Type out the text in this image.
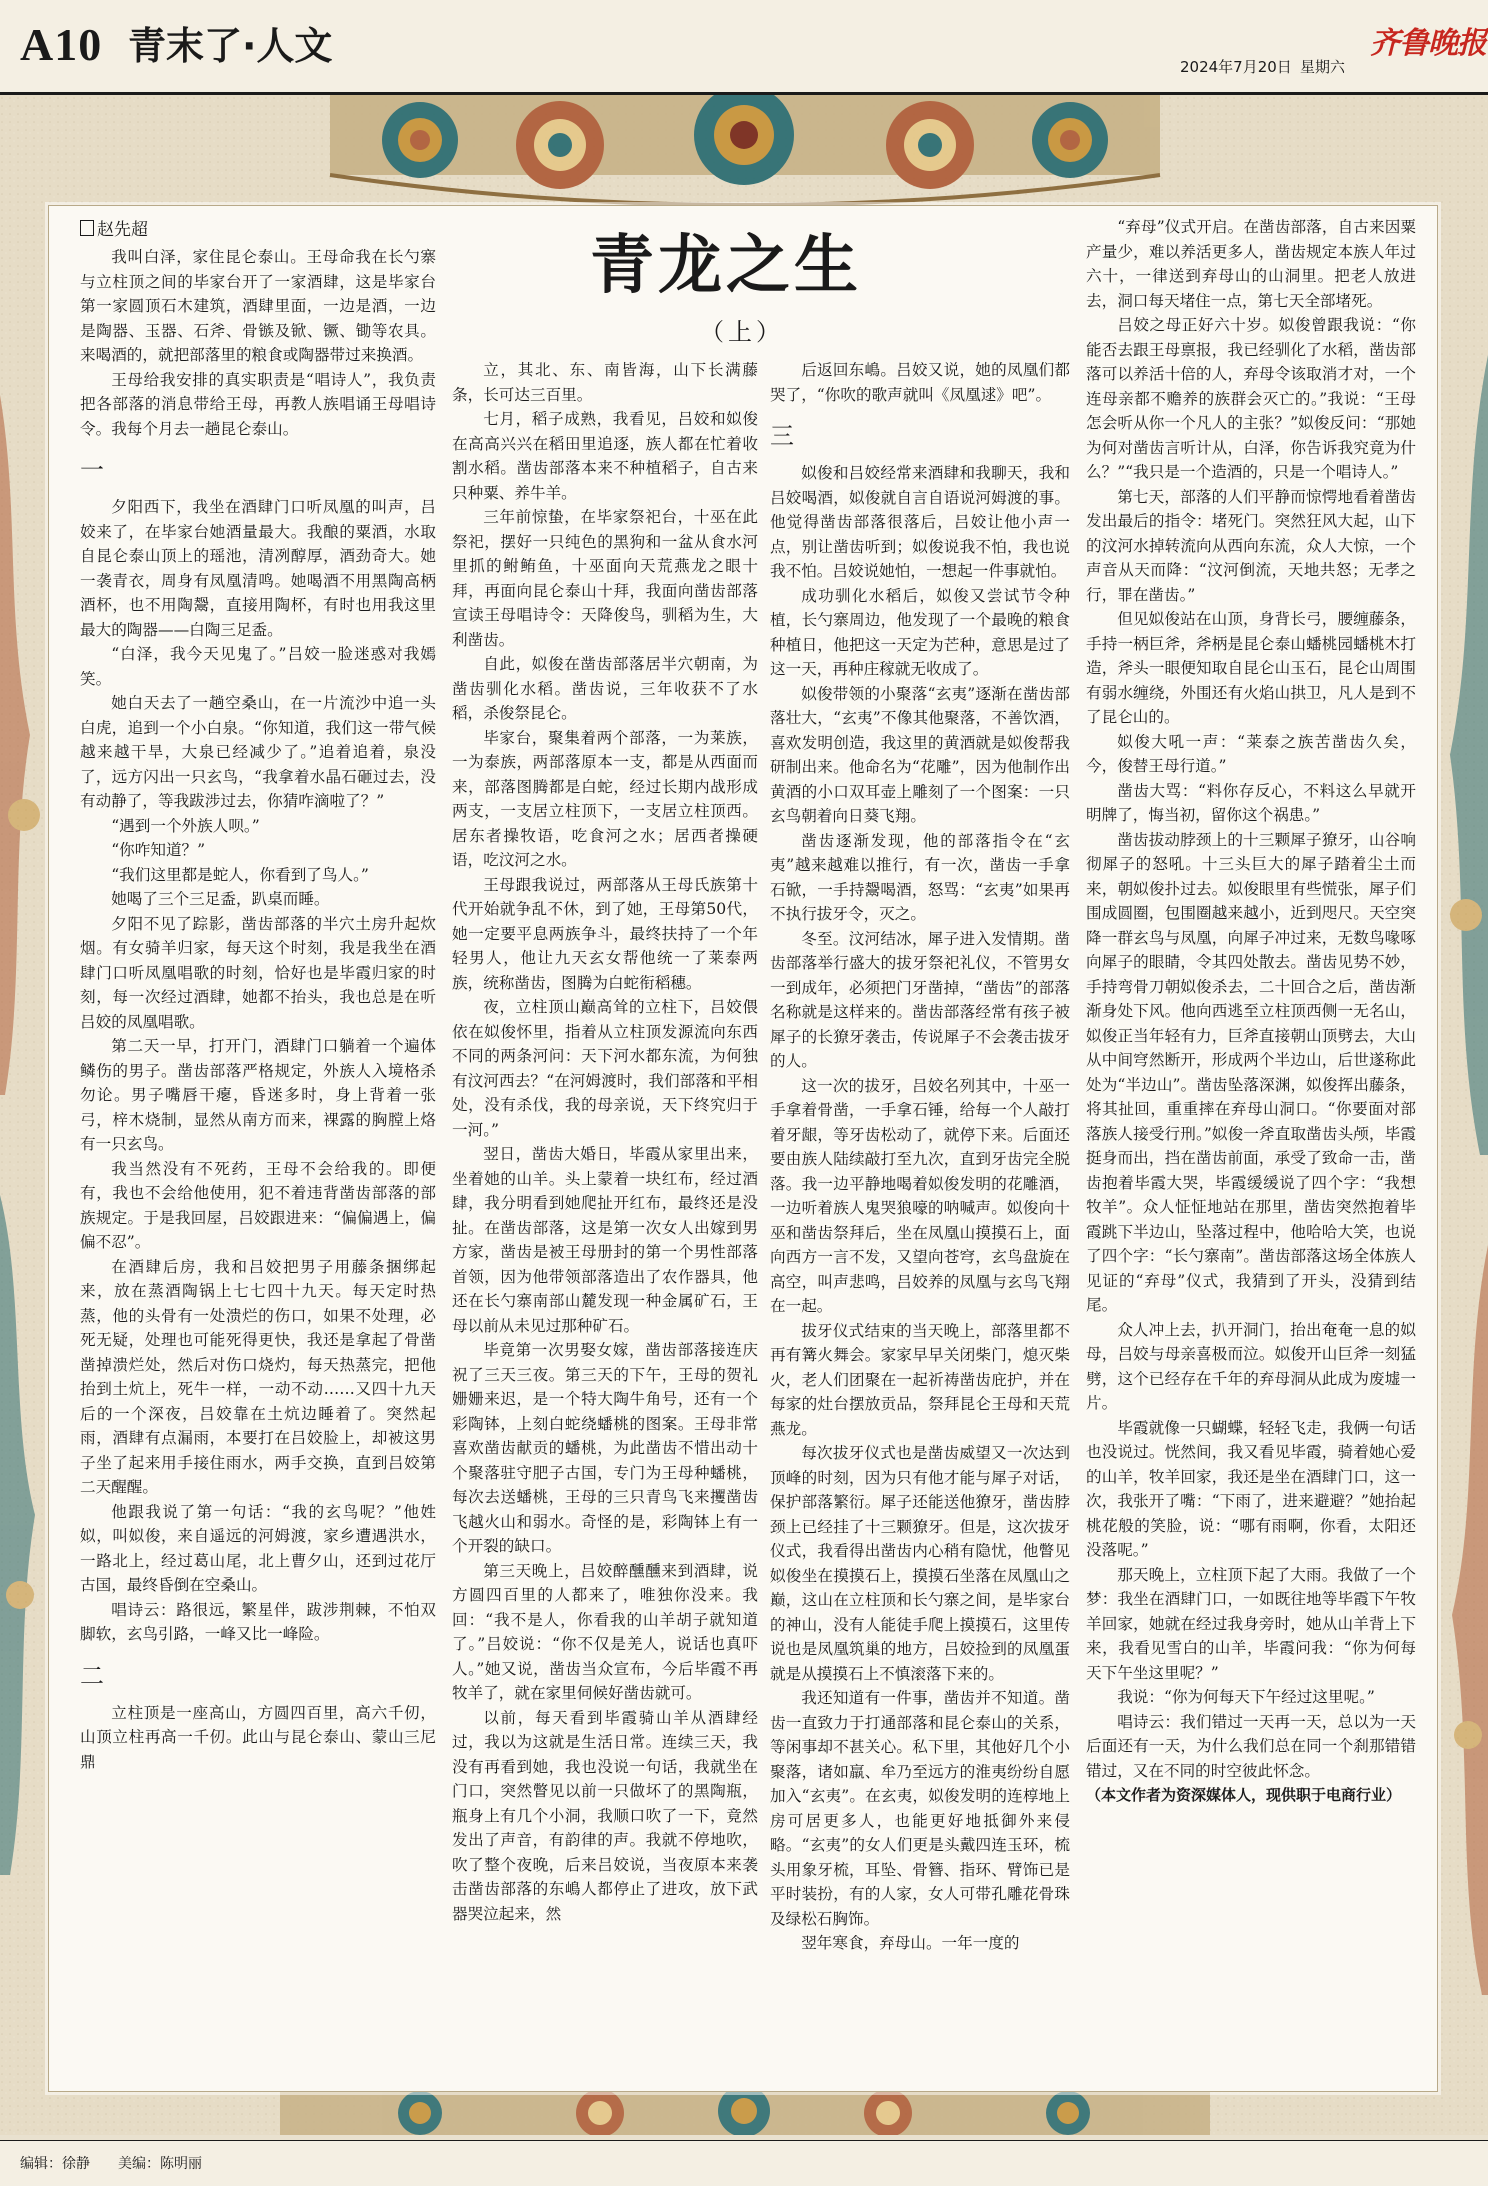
A10 青末了·人文	2024年7月20日 星期六
齐鲁晚报
赵先超	青龙之生
（上）

我叫白泽，家住昆仑泰山。王母命我在长勺寨与立柱顶之间的毕家台开了一家酒肆，这是毕家台第一家圆顶石木建筑，酒肆里面，一边是酒，一边是陶器、玉器、石斧、骨镞及锨、镢、锄等农具。来喝酒的，就把部落里的粮食或陶器带过来换酒。

王母给我安排的真实职责是“唱诗人”，我负责把各部落的消息带给王母，再教人族唱诵王母唱诗令。我每个月去一趟昆仑泰山。

一

夕阳西下，我坐在酒肆门口听凤凰的叫声，吕姣来了，在毕家台她酒量最大。我酿的粟酒，水取自昆仑泰山顶上的瑶池，清冽醇厚，酒劲奇大。她一袭青衣，周身有凤凰清鸣。她喝酒不用黑陶高柄酒杯，也不用陶鬶，直接用陶杯，有时也用我这里最大的陶器——白陶三足盉。

“白泽，我今天见鬼了。”吕姣一脸迷惑对我嫣笑。

她白天去了一趟空桑山，在一片流沙中追一头白虎，追到一个小白泉。“你知道，我们这一带气候越来越干旱，大泉已经减少了。”追着追着，泉没了，远方闪出一只玄鸟，“我拿着水晶石砸过去，没有动静了，等我跋涉过去，你猜咋滴啦了？”

“遇到一个外族人呗。”

“你咋知道？”

“我们这里都是蛇人，你看到了鸟人。”

她喝了三个三足盉，趴桌而睡。

夕阳不见了踪影，凿齿部落的半穴土房升起炊烟。有女骑羊归家，每天这个时刻，我是我坐在酒肆门口听凤凰唱歌的时刻，恰好也是毕霞归家的时刻，每一次经过酒肆，她都不抬头，我也总是在听吕姣的凤凰唱歌。

第二天一早，打开门，酒肆门口躺着一个遍体鳞伤的男子。凿齿部落严格规定，外族人入境格杀勿论。男子嘴唇干瘪，昏迷多时，身上背着一张弓，梓木烧制，显然从南方而来，裸露的胸膛上烙有一只玄鸟。

我当然没有不死药，王母不会给我的。即便有，我也不会给他使用，犯不着违背凿齿部落的部族规定。于是我回屋，吕姣跟进来：“偏偏遇上，偏偏不忍”。

在酒肆后房，我和吕姣把男子用藤条捆绑起来，放在蒸酒陶锅上七七四十九天。每天定时热蒸，他的头骨有一处溃烂的伤口，如果不处理，必死无疑，处理也可能死得更快，我还是拿起了骨凿凿掉溃烂处，然后对伤口烧灼，每天热蒸完，把他抬到土炕上，死牛一样，一动不动……又四十九天后的一个深夜，吕姣靠在土炕边睡着了。突然起雨，酒肆有点漏雨，本要打在吕姣脸上，却被这男子坐了起来用手接住雨水，两手交换，直到吕姣第二天醒醒。

他跟我说了第一句话：“我的玄鸟呢？”他姓姒，叫姒俊，来自遥远的河姆渡，家乡遭遇洪水，一路北上，经过葛山尾，北上曹夕山，还到过花厅古国，最终昏倒在空桑山。

唱诗云：路很远，繁星伴，跋涉荆棘，不怕双脚软，玄鸟引路，一峰又比一峰险。

二

立柱顶是一座高山，方圆四百里，高六千仞，山顶立柱再高一千仞。此山与昆仑泰山、蒙山三尼鼎

立，其北、东、南皆海，山下长满藤条，长可达三百里。

七月，稻子成熟，我看见，吕姣和姒俊在高高兴兴在稻田里追逐，族人都在忙着收割水稻。凿齿部落本来不种植稻子，自古来只种粟、养牛羊。

三年前惊蛰，在毕家祭祀台，十巫在此祭祀，摆好一只纯色的黑狗和一盆从食水河里抓的鲋鲔鱼，十巫面向天荒燕龙之眼十拜，再面向昆仑泰山十拜，我面向凿齿部落宣读王母唱诗令：天降俊鸟，驯稻为生，大利凿齿。

自此，姒俊在凿齿部落居半穴朝南，为凿齿驯化水稻。凿齿说，三年收获不了水稻，杀俊祭昆仑。

毕家台，聚集着两个部落，一为莱族，一为泰族，两部落原本一支，都是从西面而来，部落图腾都是白蛇，经过长期内战形成两支，一支居立柱顶下，一支居立柱顶西。居东者操牧语，吃食河之水；居西者操硬语，吃汶河之水。

王母跟我说过，两部落从王母氏族第十代开始就争乱不休，到了她，王母第50代，她一定要平息两族争斗，最终扶持了一个年轻男人，他让九天玄女帮他统一了莱泰两族，统称凿齿，图腾为白蛇衔稻穗。

夜，立柱顶山巅高耸的立柱下，吕姣偎依在姒俊怀里，指着从立柱顶发源流向东西不同的两条河问：天下河水都东流，为何独有汶河西去？“在河姆渡时，我们部落和平相处，没有杀伐，我的母亲说，天下终究归于一河。”

翌日，凿齿大婚日，毕霞从家里出来，坐着她的山羊。头上蒙着一块红布，经过酒肆，我分明看到她爬扯开红布，最终还是没扯。在凿齿部落，这是第一次女人出嫁到男方家，凿齿是被王母册封的第一个男性部落首领，因为他带领部落造出了农作器具，他还在长勺寨南部山麓发现一种金属矿石，王母以前从未见过那种矿石。

毕竟第一次男娶女嫁，凿齿部落接连庆祝了三天三夜。第三天的下午，王母的贺礼姗姗来迟，是一个特大陶牛角号，还有一个彩陶钵，上刻白蛇绕蟠桃的图案。王母非常喜欢凿齿献贡的蟠桃，为此凿齿不惜出动十个聚落驻守肥子古国，专门为王母种蟠桃，每次去送蟠桃，王母的三只青鸟飞来攫凿齿飞越火山和弱水。奇怪的是，彩陶钵上有一个开裂的缺口。

第三天晚上，吕姣醉醺醺来到酒肆，说方圆四百里的人都来了，唯独你没来。我回：“我不是人，你看我的山羊胡子就知道了。”吕姣说：“你不仅是羌人，说话也真吓人。”她又说，凿齿当众宣布，今后毕霞不再牧羊了，就在家里伺候好凿齿就可。

以前，每天看到毕霞骑山羊从酒肆经过，我以为这就是生活日常。连续三天，我没有再看到她，我也没说一句话，我就坐在门口，突然瞥见以前一只做坏了的黑陶瓶，瓶身上有几个小洞，我顺口吹了一下，竟然发出了声音，有韵律的声。我就不停地吹，吹了整个夜晚，后来吕姣说，当夜原本来袭击凿齿部落的东嶋人都停止了进攻，放下武器哭泣起来，然

后返回东嶋。吕姣又说，她的凤凰们都哭了，“你吹的歌声就叫《凤凰逑》吧”。

三

姒俊和吕姣经常来酒肆和我聊天，我和吕姣喝酒，姒俊就自言自语说河姆渡的事。他觉得凿齿部落很落后，吕姣让他小声一点，别让凿齿听到；姒俊说我不怕，我也说我不怕。吕姣说她怕，一想起一件事就怕。

成功驯化水稻后，姒俊又尝试节令种植，长勺寨周边，他发现了一个最晚的粮食种植日，他把这一天定为芒种，意思是过了这一天，再种庄稼就无收成了。

姒俊带领的小聚落“玄夷”逐渐在凿齿部落壮大，“玄夷”不像其他聚落，不善饮酒，喜欢发明创造，我这里的黄酒就是姒俊帮我研制出来。他命名为“花雕”，因为他制作出黄酒的小口双耳壶上雕刻了一个图案：一只玄鸟朝着向日葵飞翔。

凿齿逐渐发现，他的部落指令在“玄夷”越来越难以推行，有一次，凿齿一手拿石锨，一手持鬶喝酒，怒骂：“玄夷”如果再不执行拔牙令，灭之。

冬至。汶河结冰，犀子进入发情期。凿齿部落举行盛大的拔牙祭祀礼仪，不管男女一到成年，必须把门牙凿掉，“凿齿”的部落名称就是这样来的。凿齿部落经常有孩子被犀子的长獠牙袭击，传说犀子不会袭击拔牙的人。

这一次的拔牙，吕姣名列其中，十巫一手拿着骨凿，一手拿石锤，给每一个人敲打着牙龈，等牙齿松动了，就停下来。后面还要由族人陆续敲打至九次，直到牙齿完全脱落。我一边平静地喝着姒俊发明的花雕酒，一边听着族人鬼哭狼嚎的呐喊声。姒俊向十巫和凿齿祭拜后，坐在凤凰山摸摸石上，面向西方一言不发，又望向苍穹，玄鸟盘旋在高空，叫声悲鸣，吕姣养的凤凰与玄鸟飞翔在一起。

拔牙仪式结束的当天晚上，部落里都不再有篝火舞会。家家早早关闭柴门，熄灭柴火，老人们团聚在一起祈祷凿齿庇护，并在每家的灶台摆放贡品，祭拜昆仑王母和天荒燕龙。

每次拔牙仪式也是凿齿威望又一次达到顶峰的时刻，因为只有他才能与犀子对话，保护部落繁衍。犀子还能送他獠牙，凿齿脖颈上已经挂了十三颗獠牙。但是，这次拔牙仪式，我看得出凿齿内心稍有隐忧，他瞥见姒俊坐在摸摸石上，摸摸石坐落在凤凰山之巅，这山在立柱顶和长勺寨之间，是毕家台的神山，没有人能徒手爬上摸摸石，这里传说也是凤凰筑巢的地方，吕姣捡到的凤凰蛋就是从摸摸石上不慎滚落下来的。

我还知道有一件事，凿齿并不知道。凿齿一直致力于打通部落和昆仑泰山的关系，等闲事却不甚关心。私下里，其他好几个小聚落，诸如羸、牟乃至远方的淮夷纷纷自愿加入“玄夷”。在玄夷，姒俊发明的连椁地上房可居更多人，也能更好地抵御外来侵略。“玄夷”的女人们更是头戴四连玉环，梳头用象牙梳，耳坠、骨簪、指环、臂饰已是平时装扮，有的人家，女人可带孔雕花骨珠及绿松石胸饰。

翌年寒食，弃母山。一年一度的

“弃母”仪式开启。在凿齿部落，自古来因粟产量少，难以养活更多人，凿齿规定本族人年过六十，一律送到弃母山的山洞里。把老人放进去，洞口每天堵住一点，第七天全部堵死。

吕姣之母正好六十岁。姒俊曾跟我说：“你能否去跟王母禀报，我已经驯化了水稻，凿齿部落可以养活十倍的人，弃母令该取消才对，一个连母亲都不赡养的族群会灭亡的。”我说：“王母怎会听从你一个凡人的主张？”姒俊反问：“那她为何对凿齿言听计从，白泽，你告诉我究竟为什么？”“我只是一个造酒的，只是一个唱诗人。”

第七天，部落的人们平静而惊愕地看着凿齿发出最后的指令：堵死门。突然狂风大起，山下的汶河水掉转流向从西向东流，众人大惊，一个声音从天而降：“汶河倒流，天地共怒；无孝之行，罪在凿齿。”

但见姒俊站在山顶，身背长弓，腰缠藤条，手持一柄巨斧，斧柄是昆仑泰山蟠桃园蟠桃木打造，斧头一眼便知取自昆仑山玉石，昆仑山周围有弱水缠绕，外围还有火焰山拱卫，凡人是到不了昆仑山的。

姒俊大吼一声：“莱泰之族苦凿齿久矣，今，俊替王母行道。”

凿齿大骂：“料你存反心，不料这么早就开明牌了，悔当初，留你这个祸患。”

凿齿拔动脖颈上的十三颗犀子獠牙，山谷响彻犀子的怒吼。十三头巨大的犀子踏着尘土而来，朝姒俊扑过去。姒俊眼里有些慌张，犀子们围成圆圈，包围圈越来越小，近到咫尺。天空突降一群玄鸟与凤凰，向犀子冲过来，无数鸟喙啄向犀子的眼睛，令其四处散去。凿齿见势不妙，手持弯骨刀朝姒俊杀去，二十回合之后，凿齿渐渐身处下风。他向西逃至立柱顶西侧一无名山，姒俊正当年轻有力，巨斧直接朝山顶劈去，大山从中间穹然断开，形成两个半边山，后世遂称此处为“半边山”。凿齿坠落深渊，姒俊挥出藤条，将其扯回，重重摔在弃母山洞口。“你要面对部落族人接受行刑。”姒俊一斧直取凿齿头颅，毕霞挺身而出，挡在凿齿前面，承受了致命一击，凿齿抱着毕霞大哭，毕霞缓缓说了四个字：“我想牧羊”。众人怔怔地站在那里，凿齿突然抱着毕霞跳下半边山，坠落过程中，他哈哈大笑，也说了四个字：“长勺寨南”。凿齿部落这场全体族人见证的“弃母”仪式，我猜到了开头，没猜到结尾。

众人冲上去，扒开洞门，抬出奄奄一息的姒母，吕姣与母亲喜极而泣。姒俊开山巨斧一刻猛劈，这个已经存在千年的弃母洞从此成为废墟一片。

毕霞就像一只蝴蝶，轻轻飞走，我俩一句话也没说过。恍然间，我又看见毕霞，骑着她心爱的山羊，牧羊回家，我还是坐在酒肆门口，这一次，我张开了嘴：“下雨了，进来避避？”她抬起桃花般的笑脸，说：“哪有雨啊，你看，太阳还没落呢。”

那天晚上，立柱顶下起了大雨。我做了一个梦：我坐在酒肆门口，一如既往地等毕霞下午牧羊回家，她就在经过我身旁时，她从山羊背上下来，我看见雪白的山羊，毕霞问我：“你为何每天下午坐这里呢？”

我说：“你为何每天下午经过这里呢。”

唱诗云：我们错过一天再一天，总以为一天后面还有一天，为什么我们总在同一个刹那错错错过，又在不同的时空彼此怀念。

（本文作者为资深媒体人，现供职于电商行业）

编辑：徐静 美编：陈明丽
